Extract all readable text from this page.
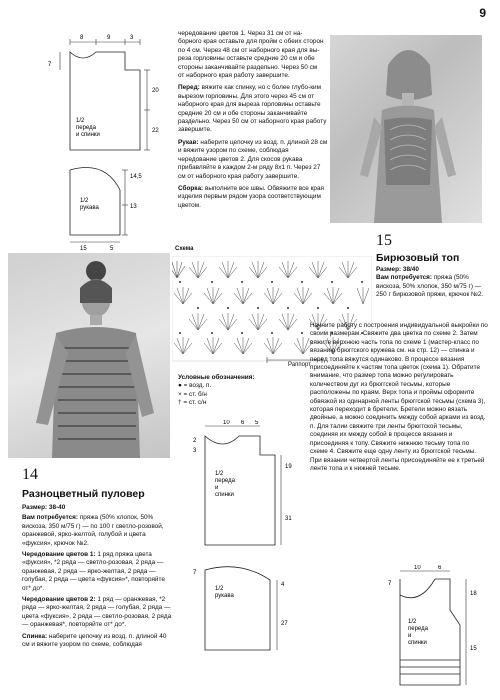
9
8	9	3
7
20
22
1/2
переда
и спинки
14,5
13
15	5
1/2
рукава
чередование цветов 1. Через 31 см от на-
борного края оставьте для пройм с обеих сторон
по 4 см. Через 48 см от наборного края для вы-
реза горловины оставьте средние 20 см и обе
стороны заканчивайте раздельно. Через 50 см
от наборного края работу завершите.
Перед: вяжите как спинку, но с более глубо-ким вырезом горловины. Для этого через 45 см от наборного края для выреза горловины оставьте средние 20 см и обе стороны заканчивайте раздельно. Через 50 см от наборного края работу завершите.
Рукав: наберите цепочку из возд. п. длиной 28 см и вяжите узором по схеме, соблюдая чередование цветов 2. Для скосов рукава прибавляйте в каждом 2-м ряду 8х1 п. Через 27 см от наборного края работу завершите.
Сборка: выполните все швы. Обвяжите все края изделия первым рядом узора соответствующим цветом.
Схема
Раппорт
Условные обозначения:
● = возд. п.
× = ст. б/н
† = ст. с/н
10 6 5
2
3
19
31
1/2
переда
и
спинки
7
4
27
1/2
рукава
15
Бирюзовый топ
Размер: 38/40
Вам потребуется: пряжа (50% вискоза, 50% хлопок, 350 м/75 г) — 250 г бирюзовой пряжи, крючок №2.
Начните работу с построения индивидуальной выкройки по своим размерам. Свяжите два цветка по схеме 2. Затем вяжите верхнюю часть топа по схеме 1 (мастер-класс по вязанию брюггского кружева см. на стр. 12) — спинка и перед топа вяжутся одинаково. В процессе вязания присоединяйте к частям топа цветок (схема 1). Обратите внимание, что размер топа можно регулировать количеством дуг из брюггской тесьмы, которые расположены по краям. Верх топа и проймы оформите обвязкой из одинарной ленты брюггской тесьмы (схема 3), которая переходит в бретели. Бретели можно вязать двойные, а можно соединить между собой арками из возд. п. Для талии свяжите три ленты брюггской тесьмы, соединяя их между собой в процессе вязания и присоединяя к топу. Свяжите нижнюю тесьму топа по схеме 4. Свяжите еще одну ленту из брюггской тесьмы. При вязании четвертой ленты присоединяйте ее к третьей ленте топа и к нижней тесьме.
10	6
7
18
15
1/2
переда
и
спинки
14
Разноцветный пуловер
Размер: 38-40
Вам потребуется: пряжа (50% хлопок, 50% вискоза, 350 м/75 г) — по 100 г светло-розовой, оранжевой, ярко-желтой, голубой и цвета «фуксия», крючок №2.
Чередование цветов 1: 1 ряд пряжа цвета «фуксия», *2 ряда — светло-розовая, 2 ряда — оранжевая, 2 ряда — ярко-желтая, 2 ряда — голубая, 2 ряда — цвета «фуксия»*, повторяйте от* до*.
Чередование цветов 2: 1 ряд — оранжевая, *2 ряда — ярко-желтая, 2 ряда — голубая, 2 ряда — цвета «фуксия», 2 ряда — светло-розовая, 2 ряда — оранжевая*, повторяйте от* до*.
Спинка: наберите цепочку из возд. п. длиной 40 см и вяжите узором по схеме, соблюдая
